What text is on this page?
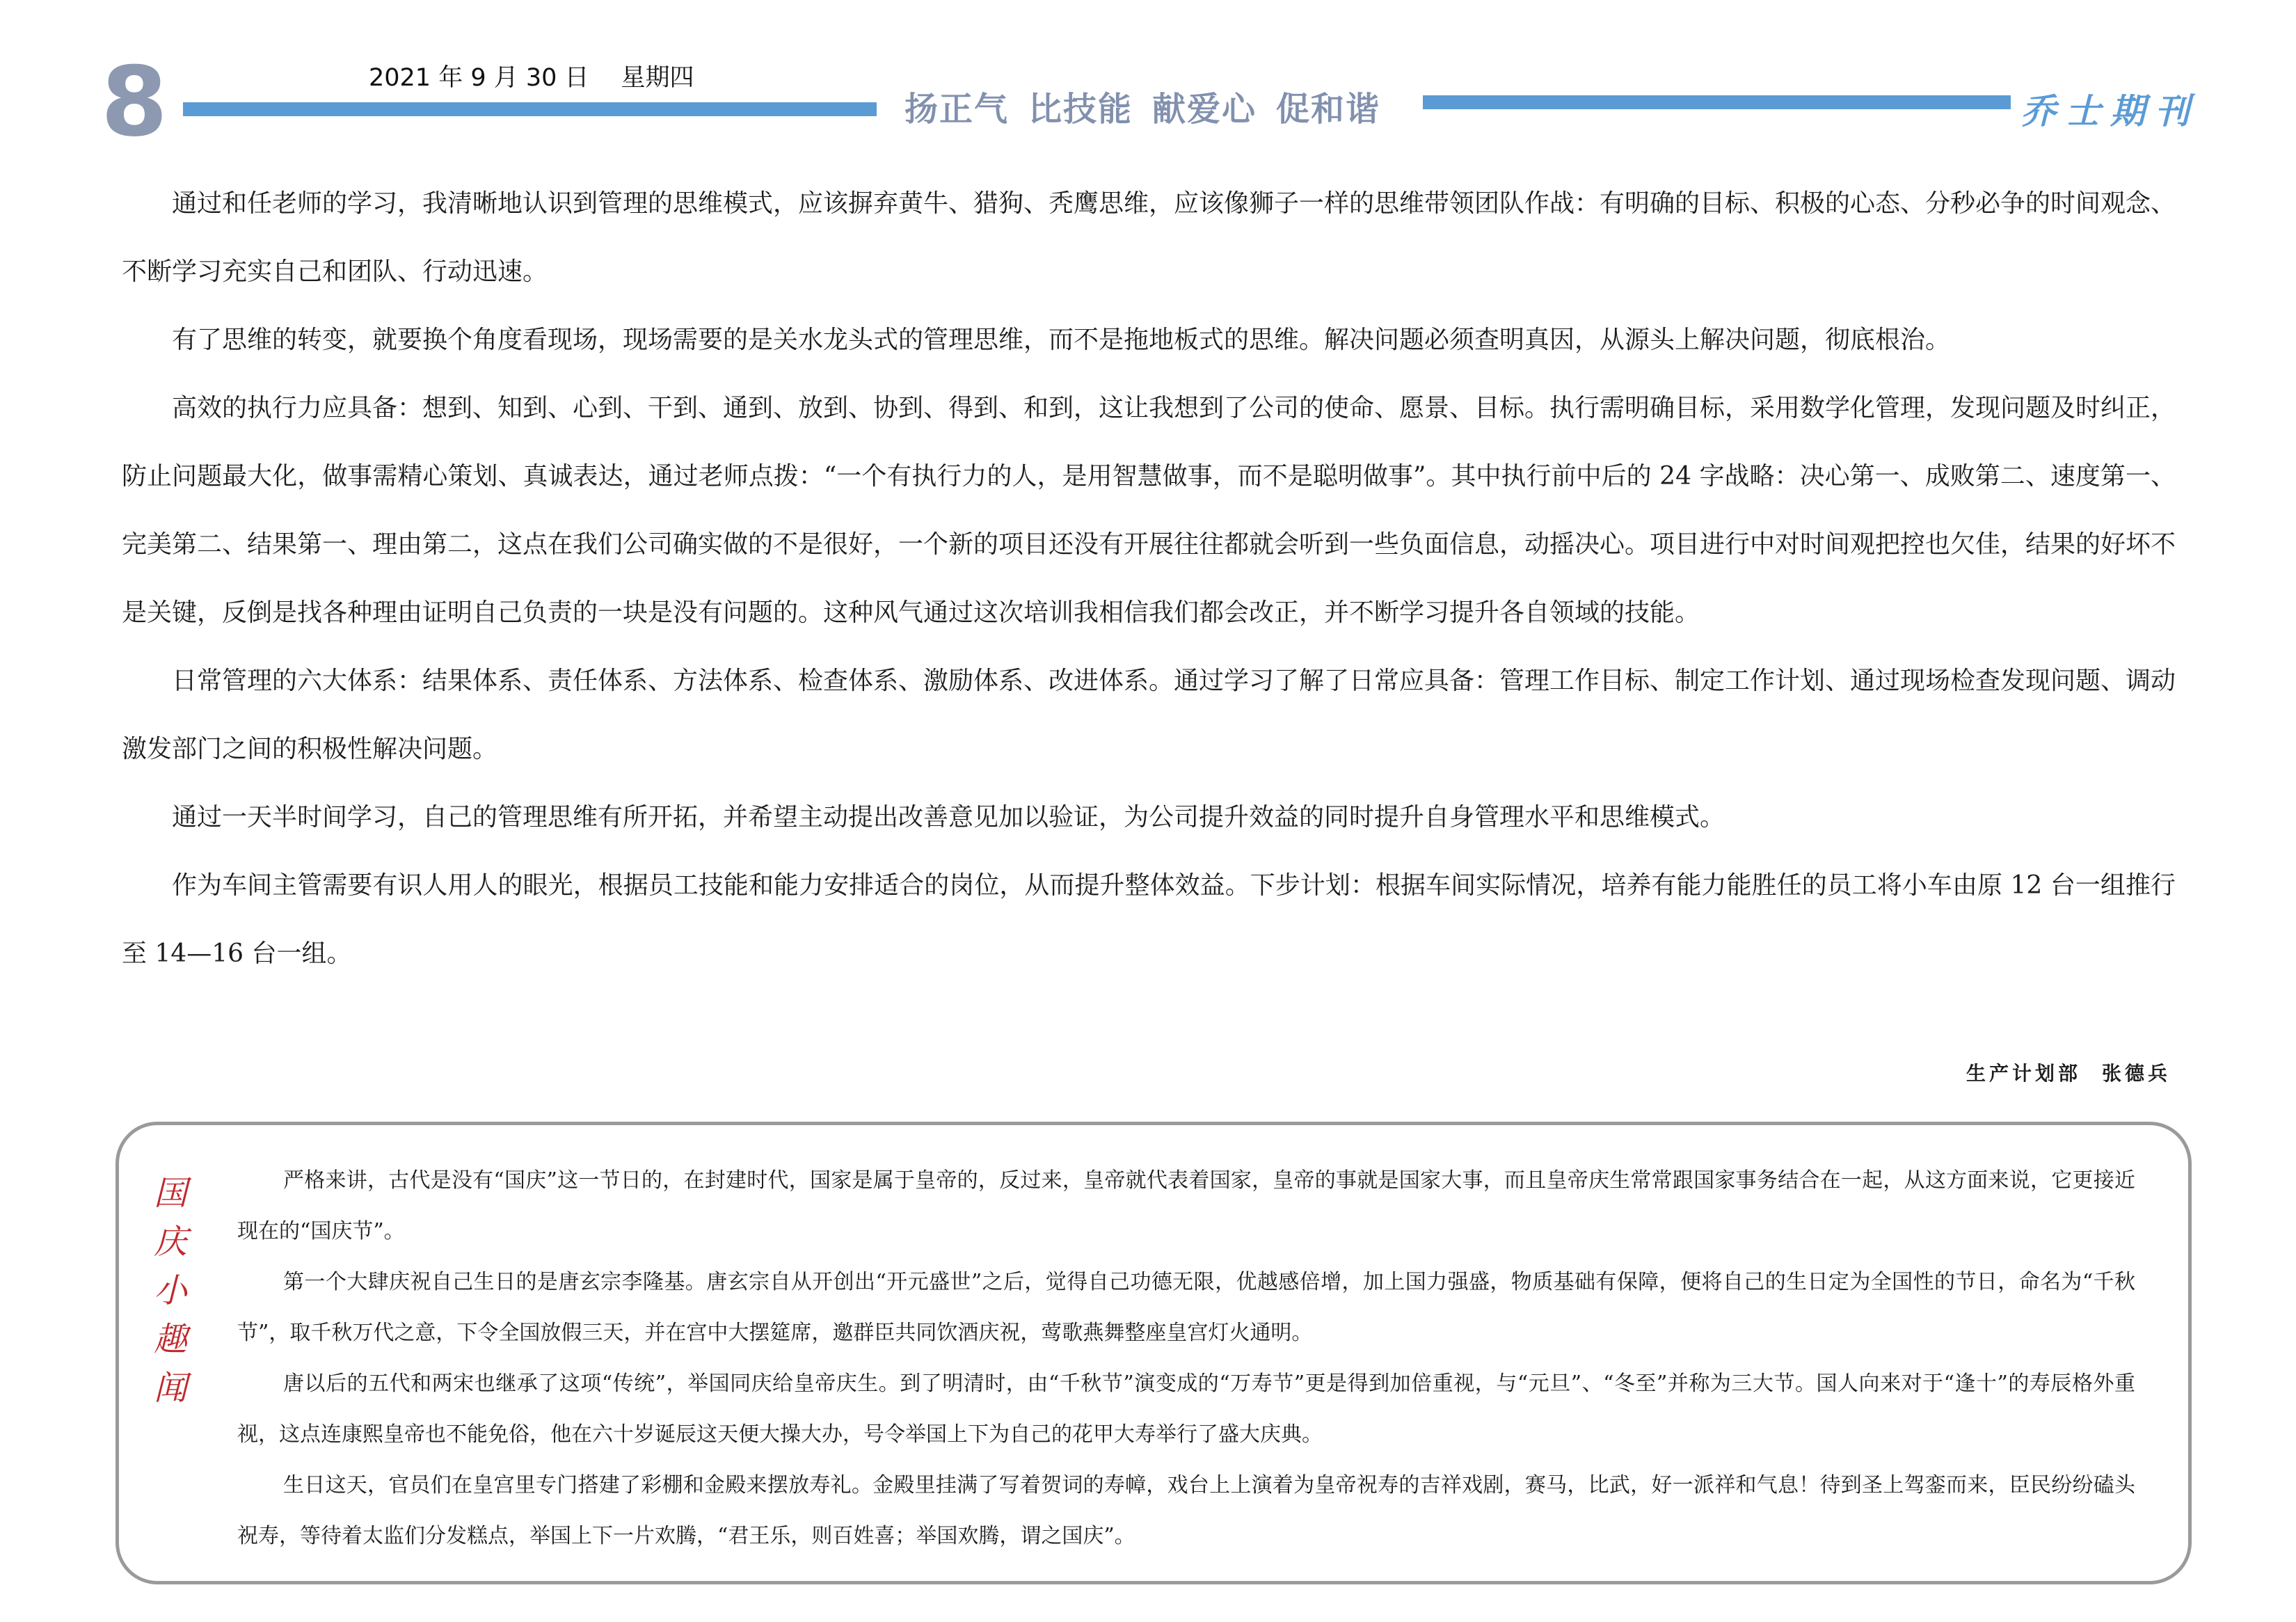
8	2021 年 9 月 30 日 星期四
扬正气 比技能 献爱心 促和谐	乔士期刊

通过和任老师的学习，我清晰地认识到管理的思维模式，应该摒弃黄牛、猎狗、秃鹰思维，应该像狮子一样的思维带领团队作战：有明确的目标、积极的心态、分秒必争的时间观念、不断学习充实自己和团队、行动迅速。

有了思维的转变，就要换个角度看现场，现场需要的是关水龙头式的管理思维，而不是拖地板式的思维。解决问题必须查明真因，从源头上解决问题，彻底根治。

高效的执行力应具备：想到、知到、心到、干到、通到、放到、协到、得到、和到，这让我想到了公司的使命、愿景、目标。执行需明确目标，采用数学化管理，发现问题及时纠正，防止问题最大化，做事需精心策划、真诚表达，通过老师点拨：“一个有执行力的人，是用智慧做事，而不是聪明做事”。其中执行前中后的 24 字战略：决心第一、成败第二、速度第一、完美第二、结果第一、理由第二，这点在我们公司确实做的不是很好，一个新的项目还没有开展往往都就会听到一些负面信息，动摇决心。项目进行中对时间观把控也欠佳，结果的好坏不是关键，反倒是找各种理由证明自己负责的一块是没有问题的。这种风气通过这次培训我相信我们都会改正，并不断学习提升各自领域的技能。

日常管理的六大体系：结果体系、责任体系、方法体系、检查体系、激励体系、改进体系。通过学习了解了日常应具备：管理工作目标、制定工作计划、通过现场检查发现问题、调动激发部门之间的积极性解决问题。

通过一天半时间学习，自己的管理思维有所开拓，并希望主动提出改善意见加以验证，为公司提升效益的同时提升自身管理水平和思维模式。

作为车间主管需要有识人用人的眼光，根据员工技能和能力安排适合的岗位，从而提升整体效益。下步计划：根据车间实际情况，培养有能力能胜任的员工将小车由原 12 台一组推行至 14—16 台一组。

生产计划部 张德兵
国
庆
小
趣
闻

严格来讲，古代是没有“国庆”这一节日的，在封建时代，国家是属于皇帝的，反过来，皇帝就代表着国家，皇帝的事就是国家大事，而且皇帝庆生常常跟国家事务结合在一起，从这方面来说，它更接近现在的“国庆节”。

第一个大肆庆祝自己生日的是唐玄宗李隆基。唐玄宗自从开创出“开元盛世”之后，觉得自己功德无限，优越感倍增，加上国力强盛，物质基础有保障，便将自己的生日定为全国性的节日，命名为“千秋节”，取千秋万代之意，下令全国放假三天，并在宫中大摆筵席，邀群臣共同饮酒庆祝，莺歌燕舞整座皇宫灯火通明。

唐以后的五代和两宋也继承了这项“传统”，举国同庆给皇帝庆生。到了明清时，由“千秋节”演变成的“万寿节”更是得到加倍重视，与“元旦”、“冬至”并称为三大节。国人向来对于“逢十”的寿辰格外重视，这点连康熙皇帝也不能免俗，他在六十岁诞辰这天便大操大办，号令举国上下为自己的花甲大寿举行了盛大庆典。

生日这天，官员们在皇宫里专门搭建了彩棚和金殿来摆放寿礼。金殿里挂满了写着贺词的寿幛，戏台上上演着为皇帝祝寿的吉祥戏剧，赛马，比武，好一派祥和气息！待到圣上驾銮而来，臣民纷纷磕头祝寿，等待着太监们分发糕点，举国上下一片欢腾，“君王乐，则百姓喜；举国欢腾，谓之国庆”。
